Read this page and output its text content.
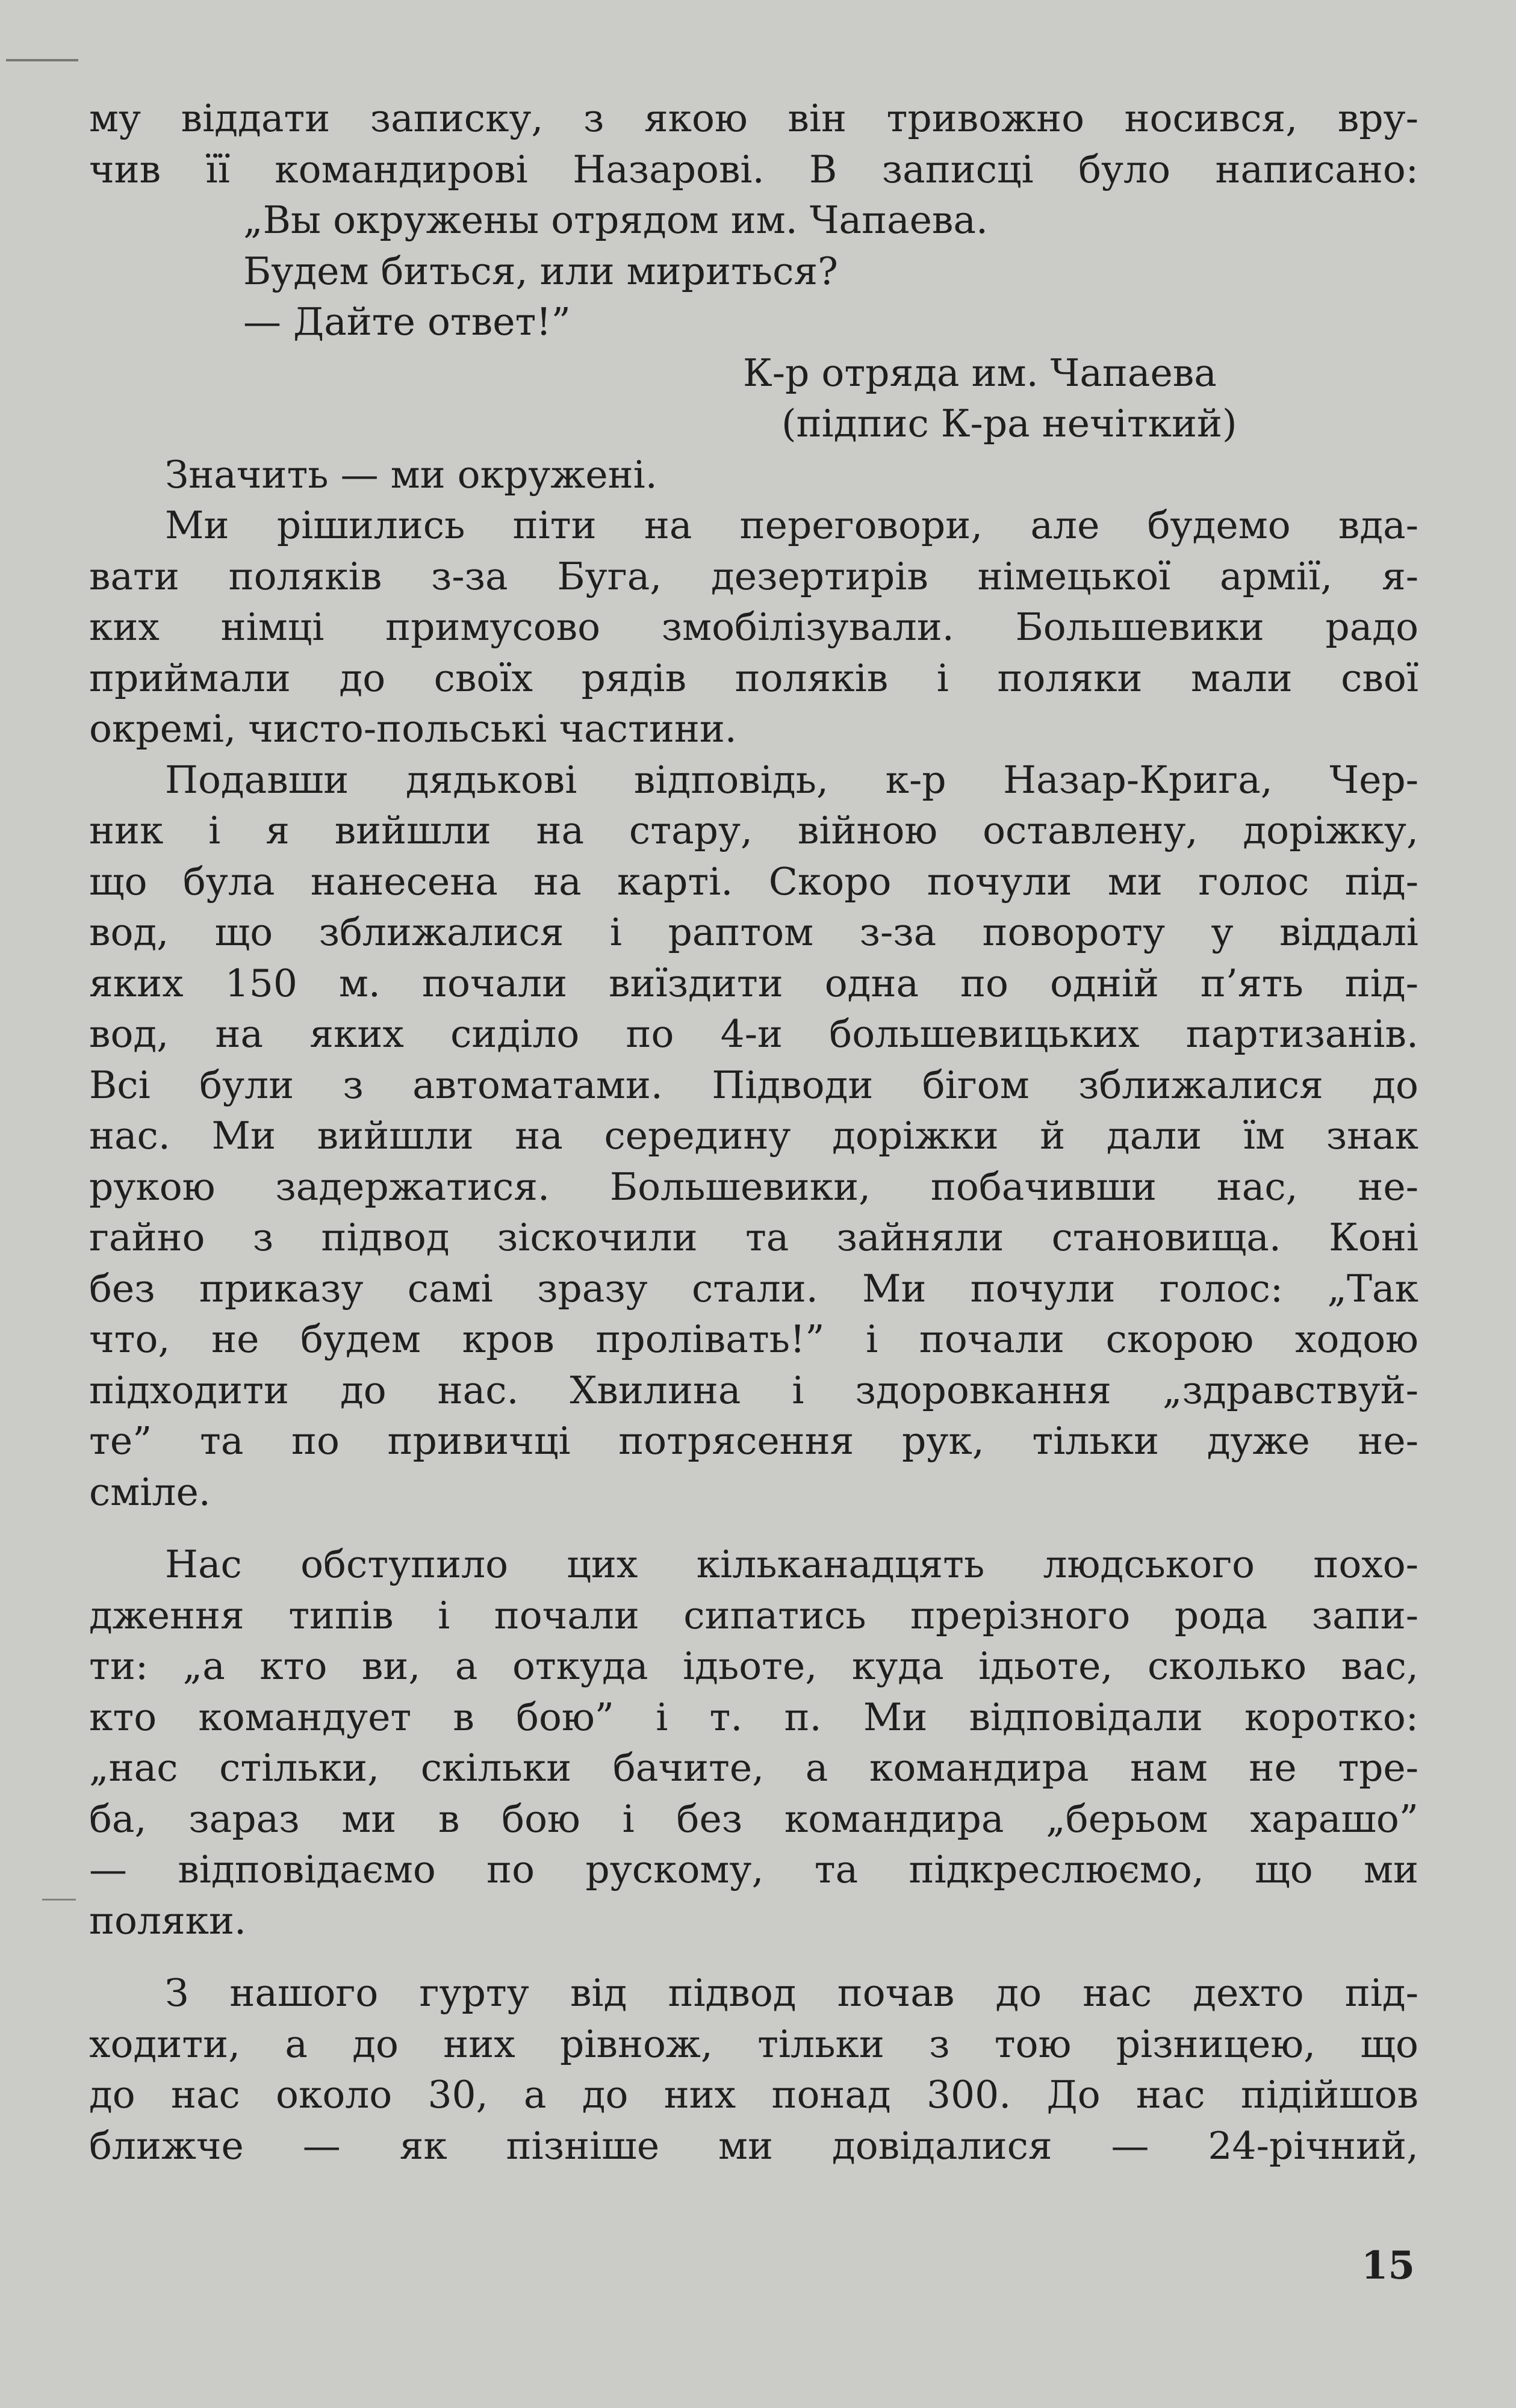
му віддати записку, з якою він тривожно носився, вру-
чив її командирові Назарові. В записці було написано:
„Вы окружены отрядом им. Чапаева.
Будем биться, или мириться?
— Дайте ответ!”
К-р отряда им. Чапаева
(підпис К-ра нечіткий)
Значить — ми окружені.
Ми рішились піти на переговори, але будемо вда-
вати поляків з-за Буга, дезертирів німецької армії, я-
ких німці примусово змобілізували. Большевики радо
приймали до своїх рядів поляків і поляки мали свої
окремі, чисто-польські частини.
Подавши дядькові відповідь, к-р Назар-Крига, Чер-
ник і я вийшли на стару, війною оставлену, доріжку,
що була нанесена на карті. Скоро почули ми голос під-
вод, що зближалися і раптом з-за повороту у віддалі
яких 150 м. почали виїздити одна по одній п’ять під-
вод, на яких сиділо по 4-и большевицьких партизанів.
Всі були з автоматами. Підводи бігом зближалися до
нас. Ми вийшли на середину доріжки й дали їм знак
рукою задержатися. Большевики, побачивши нас, не-
гайно з підвод зіскочили та зайняли становища. Коні
без приказу самі зразу стали. Ми почули голос: „Так
что, не будем кров пролівать!” і почали скорою ходою
підходити до нас. Хвилина і здоровкання „здравствуй-
те” та по привичці потрясення рук, тільки дуже не-
сміле.
Нас обступило цих кільканадцять людського похо-
дження типів і почали сипатись прерізного рода запи-
ти: „а кто ви, а откуда ідьоте, куда ідьоте, сколько вас,
кто командует в бою” і т. п. Ми відповідали коротко:
„нас стільки, скільки бачите, а командира нам не тре-
ба, зараз ми в бою і без командира „берьом харашо”
— відповідаємо по рускому, та підкреслюємо, що ми
поляки.
З нашого гурту від підвод почав до нас дехто під-
ходити, а до них рівнож, тільки з тою різницею, що
до нас около 30, а до них понад 300. До нас підійшов
ближче — як пізніше ми довідалися — 24-річний,
15
